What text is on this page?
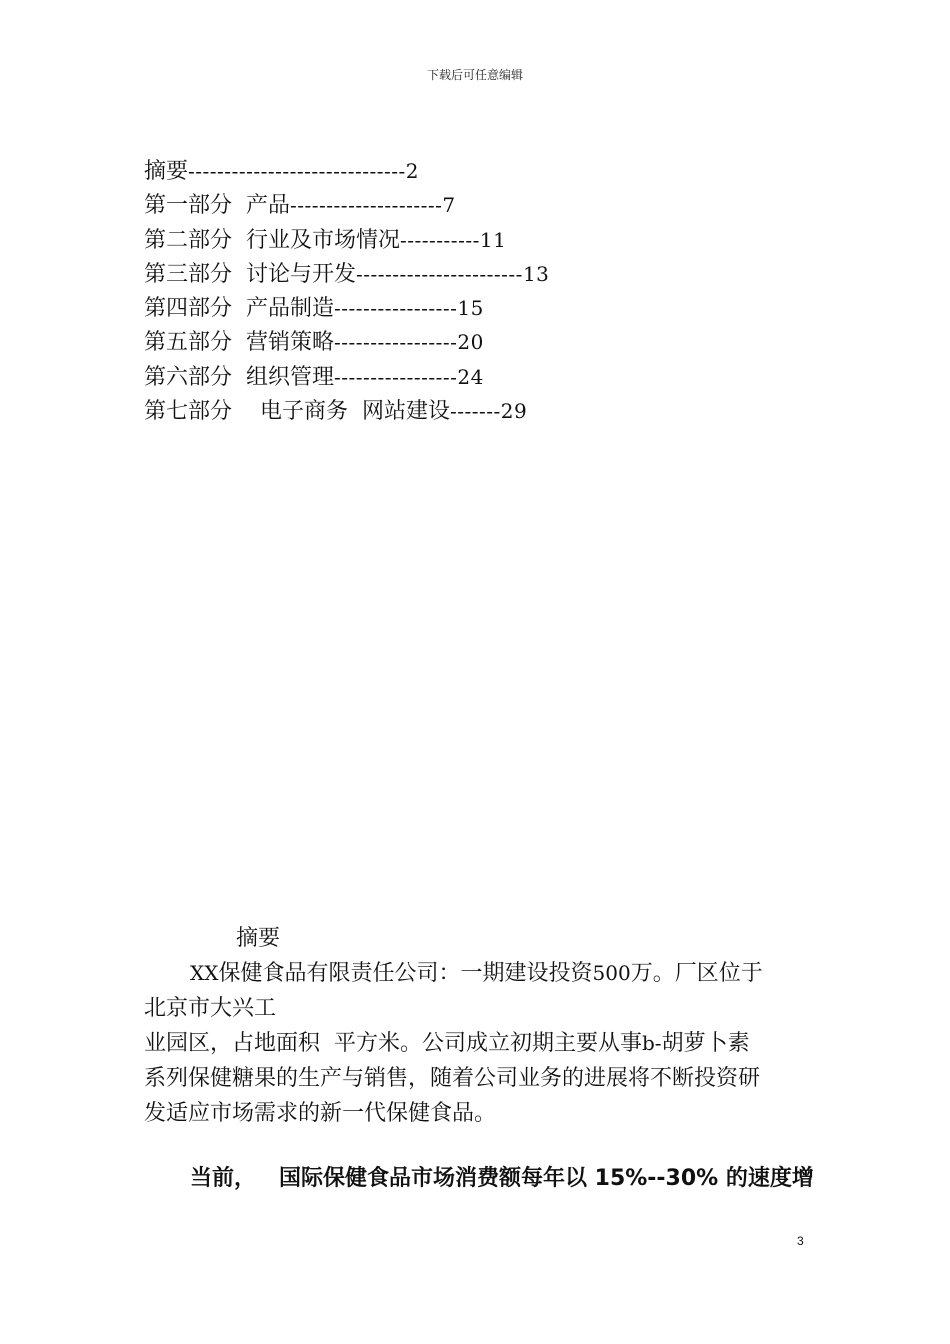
下载后可任意编辑
摘要------------------------------2
第一部分  产品---------------------7
第二部分  行业及市场情况-----------11
第三部分  讨论与开发-----------------------13
第四部分  产品制造-----------------15
第五部分  营销策略-----------------20
第六部分  组织管理-----------------24
第七部分    电子商务  网站建设-------29
摘要

XX保健食品有限责任公司：一期建设投资500万。厂区位于

北京市大兴工

业园区，占地面积  平方米。公司成立初期主要从事b-胡萝卜素

系列保健糖果的生产与销售，随着公司业务的进展将不断投资研

发适应市场需求的新一代保健食品。

当前，   国际保健食品市场消费额每年以 15%--30% 的速度增
3
